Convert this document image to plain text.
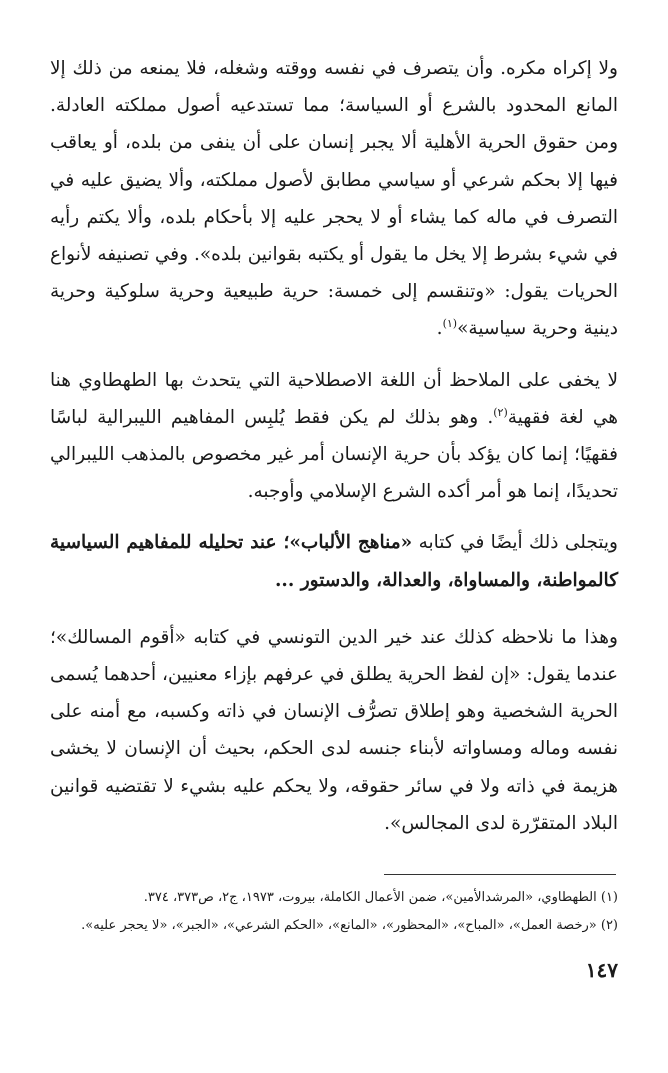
ولا إكراه مكره. وأن يتصرف في نفسه ووقته وشغله، فلا يمنعه من ذلك إلا المانع المحدود بالشرع أو السياسة؛ مما تستدعيه أصول مملكته العادلة. ومن حقوق الحرية الأهلية ألا يجبر إنسان على أن ينفى من بلده، أو يعاقب فيها إلا بحكم شرعي أو سياسي مطابق لأصول مملكته، وألا يضيق عليه في التصرف في ماله كما يشاء أو لا يحجر عليه إلا بأحكام بلده، وألا يكتم رأيه في شيء بشرط إلا يخل ما يقول أو يكتبه بقوانين بلده». وفي تصنيفه لأنواع الحريات يقول: «وتنقسم إلى خمسة: حرية طبيعية وحرية سلوكية وحرية دينية وحرية سياسية»$^{(١)}$.

لا يخفى على الملاحظ أن اللغة الاصطلاحية التي يتحدث بها الطهطاوي هنا هي لغة فقهية$^{(٢)}$. وهو بذلك لم يكن فقط يُلبِس المفاهيم الليبرالية لباسًا فقهيًا؛ إنما كان يؤكد بأن حرية الإنسان أمر غير مخصوص بالمذهب الليبرالي تحديدًا، إنما هو أمر أكده الشرع الإسلامي وأوجبه.

ويتجلى ذلك أيضًا في كتابه «مناهج الألباب»؛ عند تحليله للمفاهيم السياسية كالمواطنة، والمساواة، والعدالة، والدستور ...

وهذا ما نلاحظه كذلك عند خير الدين التونسي في كتابه «أقوم المسالك»؛ عندما يقول: «إن لفظ الحرية يطلق في عرفهم بإزاء معنيين، أحدهما يُسمى الحرية الشخصية وهو إطلاق تصرُّف الإنسان في ذاته وكسبه، مع أمنه على نفسه وماله ومساواته لأبناء جنسه لدى الحكم، بحيث أن الإنسان لا يخشى هزيمة في ذاته ولا في سائر حقوقه، ولا يحكم عليه بشيء لا تقتضيه قوانين البلاد المتقرّرة لدى المجالس».

(١) الطهطاوي، «المرشدالأمين»، ضمن الأعمال الكاملة، بيروت، ١٩٧٣، ج٢، ص٣٧٣، ٣٧٤.

(٢) «رخصة العمل»، «المباح»، «المحظور»، «المانع»، «الحكم الشرعي»، «الجبر»، «لا يحجر عليه».

١٤٧
